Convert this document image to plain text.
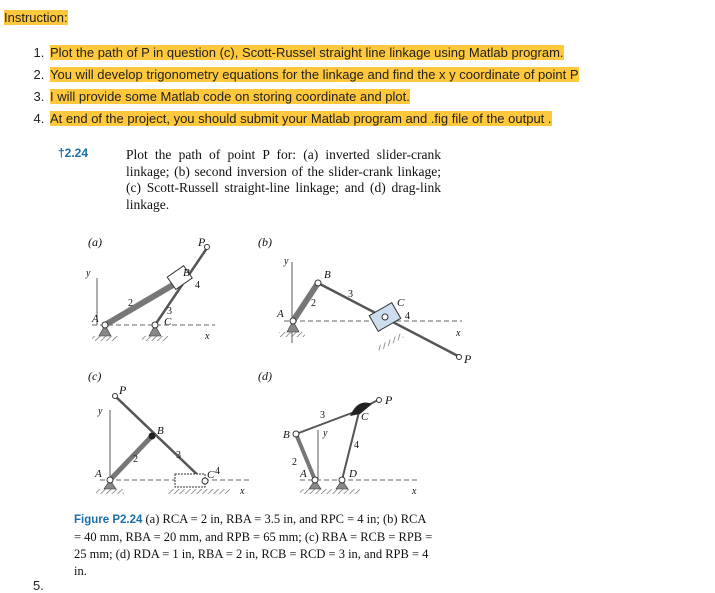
Instruction:
1. Plot the path of P in question (c), Scott-Russel straight line linkage using Matlab program.
2. You will develop trigonometry equations for the linkage and find the x y coordinate of point P
3. I will provide some Matlab code on storing coordinate and plot.
4. At end of the project, you should submit your Matlab program and .fig file of the output .
†2.24	Plot the path of point P for: (a) inverted slider-crank linkage; (b) second inversion of the slider-crank linkage; (c) Scott-Russell straight-line linkage; and (d) drag-link linkage.
(a)	(b)
(c)	(d)
P
B
A	C
y
x
2
3
4
P
B
A
C
y
x
2
3
4
P
B
A	C
y
x
2	3
4
P
B
A	D
C
y
x
2
3
4
Figure P2.24 (a) RCA = 2 in, RBA = 3.5 in, and RPC = 4 in; (b) RCA = 40 mm, RBA = 20 mm, and RPB = 65 mm; (c) RBA = RCB = RPB = 25 mm; (d) RDA = 1 in, RBA = 2 in, RCB = RCD = 3 in, and RPB = 4 in.
5.
